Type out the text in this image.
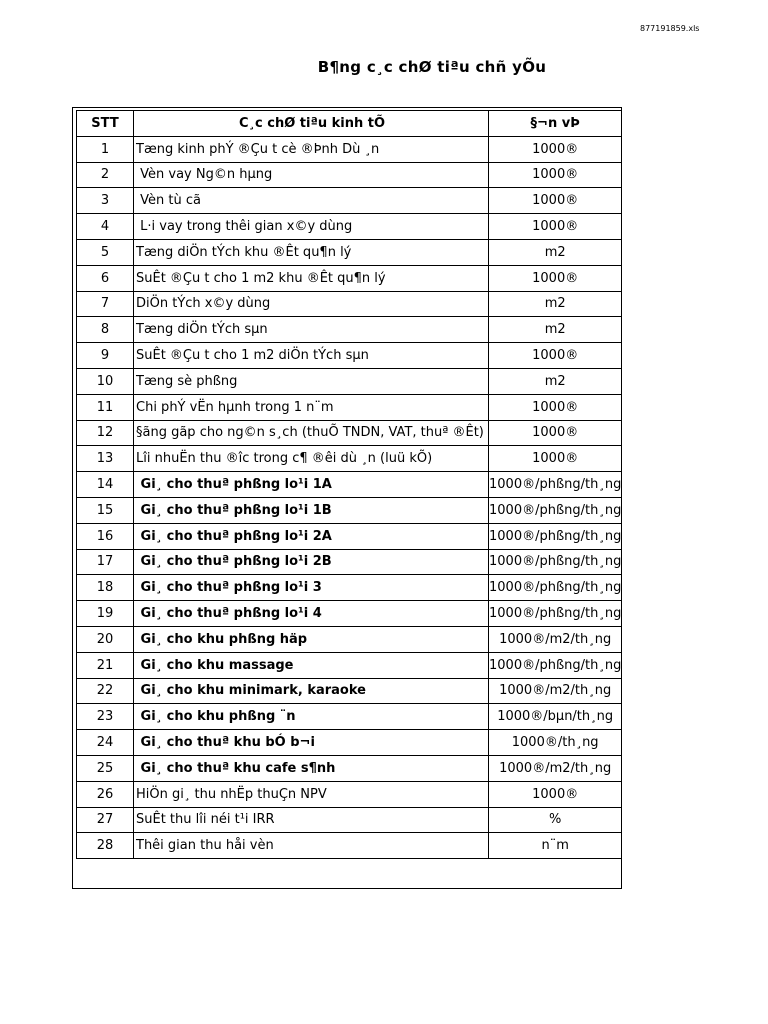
877191859.xls
B¶ng c¸c chØ tiªu chñ yÕu
STT	C¸c chØ tiªu kinh tÕ	§¬n vÞ
1	Tæng kinh phÝ ®Çu t cè ®Þnh Dù ¸n	1000®
2	Vèn vay Ng©n hµng	1000®
3	Vèn tù cã	1000®
4	L·i vay trong thêi gian x©y dùng	1000®
5	Tæng diÖn tÝch khu ®Êt qu¶n lý	m2
6	SuÊt ®Çu t cho 1 m2 khu ®Êt qu¶n lý	1000®
7	DiÖn tÝch x©y dùng	m2
8	Tæng diÖn tÝch sµn	m2
9	SuÊt ®Çu t cho 1 m2 diÖn tÝch sµn	1000®
10	Tæng sè phßng	m2
11	Chi phÝ vËn hµnh trong 1 n¨m	1000®
12	§ãng gãp cho ng©n s¸ch (thuÕ TNDN, VAT, thuª ®Êt)	1000®
13	Lîi nhuËn thu ®îc trong c¶ ®êi dù ¸n (luü kÕ)	1000®
14	Gi¸ cho thuª phßng lo¹i 1A	1000®/phßng/th¸ng
15	Gi¸ cho thuª phßng lo¹i 1B	1000®/phßng/th¸ng
16	Gi¸ cho thuª phßng lo¹i 2A	1000®/phßng/th¸ng
17	Gi¸ cho thuª phßng lo¹i 2B	1000®/phßng/th¸ng
18	Gi¸ cho thuª phßng lo¹i 3	1000®/phßng/th¸ng
19	Gi¸ cho thuª phßng lo¹i 4	1000®/phßng/th¸ng
20	Gi¸ cho khu phßng häp	1000®/m2/th¸ng
21	Gi¸ cho khu massage	1000®/phßng/th¸ng
22	Gi¸ cho khu minimark, karaoke	1000®/m2/th¸ng
23	Gi¸ cho khu phßng ¨n	1000®/bµn/th¸ng
24	Gi¸ cho thuª khu bÓ b¬i	1000®/th¸ng
25	Gi¸ cho thuª khu cafe s¶nh	1000®/m2/th¸ng
26	HiÖn gi¸ thu nhËp thuÇn NPV	1000®
27	SuÊt thu lîi néi t¹i IRR	%
28	Thêi gian thu håi vèn	n¨m
